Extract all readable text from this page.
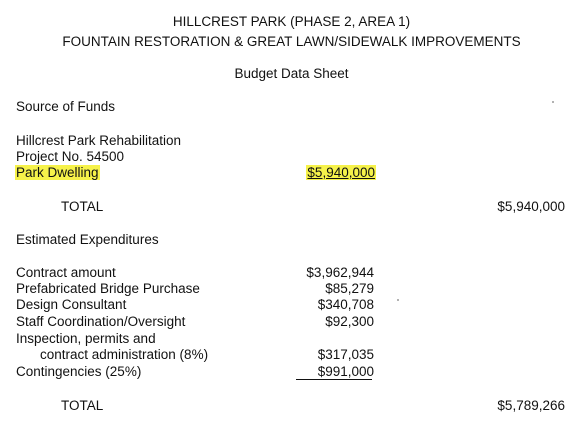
HILLCREST PARK (PHASE 2, AREA 1)
FOUNTAIN RESTORATION & GREAT LAWN/SIDEWALK IMPROVEMENTS
Budget Data Sheet
Source of Funds
Hillcrest Park Rehabilitation
Project No. 54500
Park Dwelling	$5,940,000
TOTAL	$5,940,000
Estimated Expenditures
Contract amount	$3,962,944
Prefabricated Bridge Purchase	$85,279
Design Consultant	$340,708
Staff Coordination/Oversight	$92,300
Inspection, permits and
contract administration (8%)	$317,035
Contingencies (25%)	$991,000
TOTAL	$5,789,266
